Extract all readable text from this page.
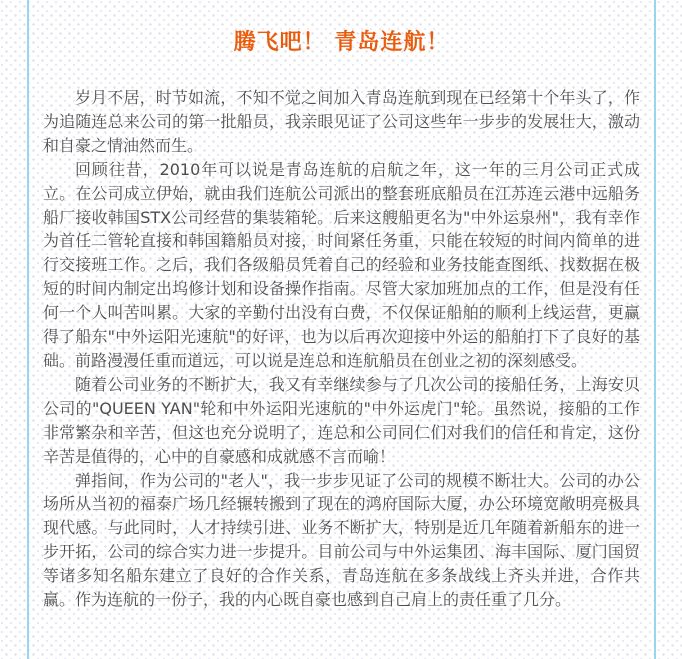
腾飞吧！ 青岛连航！

岁月不居，时节如流，不知不觉之间加入青岛连航到现在已经第十个年头了，作为追随连总来公司的第一批船员，我亲眼见证了公司这些年一步步的发展壮大，激动和自豪之情油然而生。

回顾往昔，2010年可以说是青岛连航的启航之年，这一年的三月公司正式成立。在公司成立伊始，就由我们连航公司派出的整套班底船员在江苏连云港中远船务船厂接收韩国STX公司经营的集装箱轮。后来这艘船更名为"中外运泉州"，我有幸作为首任二管轮直接和韩国籍船员对接，时间紧任务重，只能在较短的时间内简单的进行交接班工作。之后，我们各级船员凭着自己的经验和业务技能查图纸、找数据在极短的时间内制定出坞修计划和设备操作指南。尽管大家加班加点的工作，但是没有任何一个人叫苦叫累。大家的辛勤付出没有白费，不仅保证船舶的顺利上线运营，更赢得了船东"中外运阳光速航"的好评，也为以后再次迎接中外运的船舶打下了良好的基础。前路漫漫任重而道远，可以说是连总和连航船员在创业之初的深刻感受。

随着公司业务的不断扩大，我又有幸继续参与了几次公司的接船任务，上海安贝公司的"QUEEN YAN"轮和中外运阳光速航的"中外运虎门"轮。虽然说，接船的工作非常繁杂和辛苦，但这也充分说明了，连总和公司同仁们对我们的信任和肯定，这份辛苦是值得的，心中的自豪感和成就感不言而喻！

弹指间，作为公司的"老人"，我一步步见证了公司的规模不断壮大。公司的办公场所从当初的福泰广场几经辗转搬到了现在的鸿府国际大厦，办公环境宽敞明亮极具现代感。与此同时，人才持续引进、业务不断扩大，特别是近几年随着新船东的进一步开拓，公司的综合实力进一步提升。目前公司与中外运集团、海丰国际、厦门国贸等诸多知名船东建立了良好的合作关系，青岛连航在多条战线上齐头并进，合作共赢。作为连航的一份子，我的内心既自豪也感到自己肩上的责任重了几分。
